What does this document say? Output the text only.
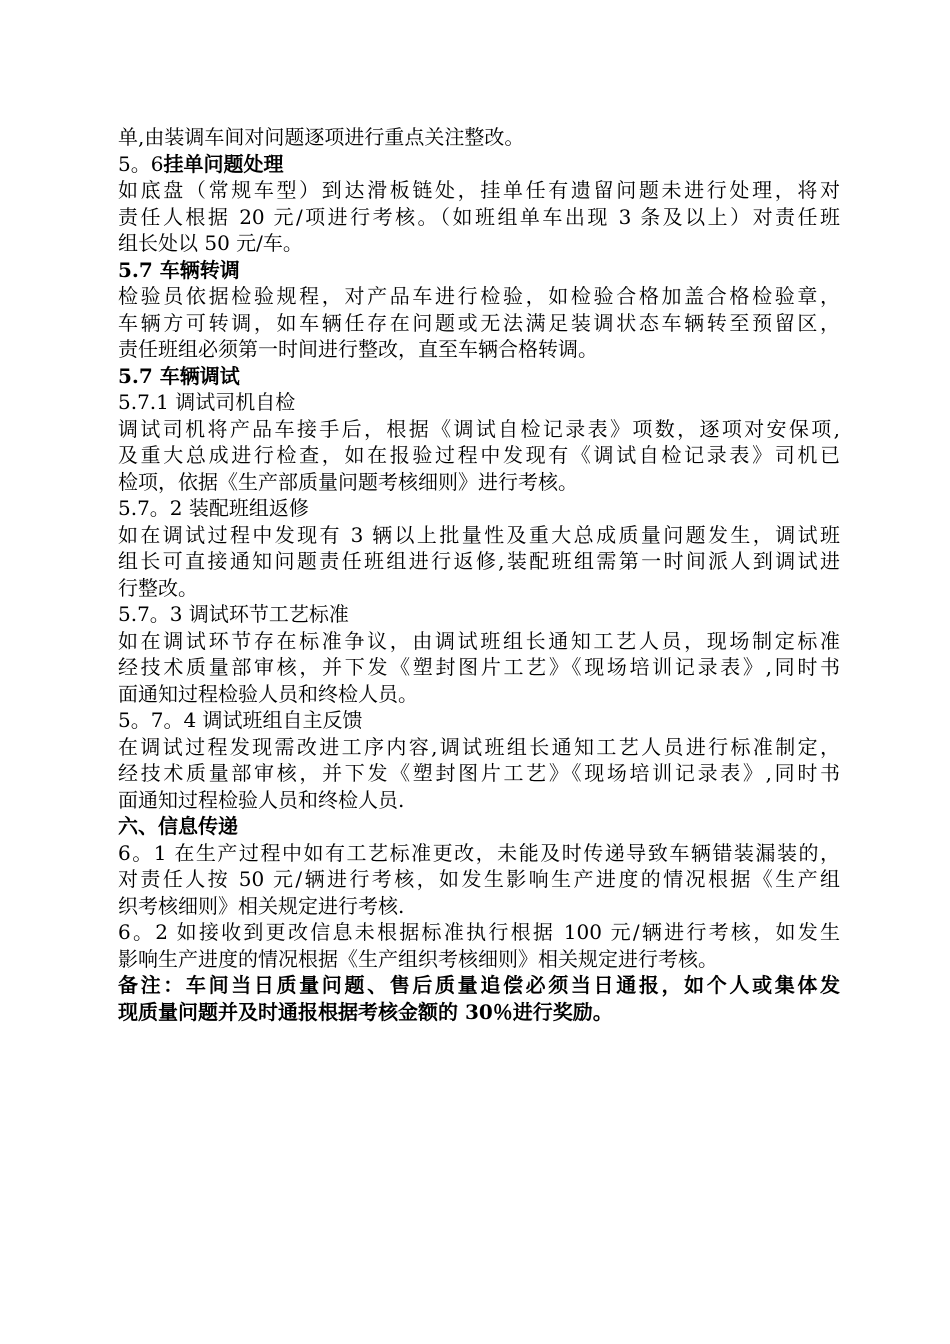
单,由装调车间对问题逐项进行重点关注整改。
5。6挂单问题处理
如底盘（常规车型）到达滑板链处，挂单任有遗留问题未进行处理，将对
责任人根据 20 元/项进行考核。（如班组单车出现 3 条及以上）对责任班
组长处以 50 元/车。
5.7 车辆转调
检验员依据检验规程，对产品车进行检验，如检验合格加盖合格检验章，
车辆方可转调，如车辆任存在问题或无法满足装调状态车辆转至预留区，
责任班组必须第一时间进行整改，直至车辆合格转调。
5.7 车辆调试
5.7.1 调试司机自检
调试司机将产品车接手后，根据《调试自检记录表》项数，逐项对安保项,
及重大总成进行检查，如在报验过程中发现有《调试自检记录表》司机已
检项，依据《生产部质量问题考核细则》进行考核。
5.7。2 装配班组返修
如在调试过程中发现有 3 辆以上批量性及重大总成质量问题发生，调试班
组长可直接通知问题责任班组进行返修,装配班组需第一时间派人到调试进
行整改。
5.7。3 调试环节工艺标准
如在调试环节存在标准争议，由调试班组长通知工艺人员，现场制定标准
经技术质量部审核，并下发《塑封图片工艺》《现场培训记录表》,同时书
面通知过程检验人员和终检人员。
5。7。4 调试班组自主反馈
在调试过程发现需改进工序内容,调试班组长通知工艺人员进行标准制定，
经技术质量部审核，并下发《塑封图片工艺》《现场培训记录表》,同时书
面通知过程检验人员和终检人员.
六、信息传递
6。1 在生产过程中如有工艺标准更改，未能及时传递导致车辆错装漏装的，
对责任人按 50 元/辆进行考核，如发生影响生产进度的情况根据《生产组
织考核细则》相关规定进行考核.
6。2 如接收到更改信息未根据标准执行根据 100 元/辆进行考核，如发生
影响生产进度的情况根据《生产组织考核细则》相关规定进行考核。
备注：车间当日质量问题、售后质量追偿必须当日通报，如个人或集体发
现质量问题并及时通报根据考核金额的 30％进行奖励。
